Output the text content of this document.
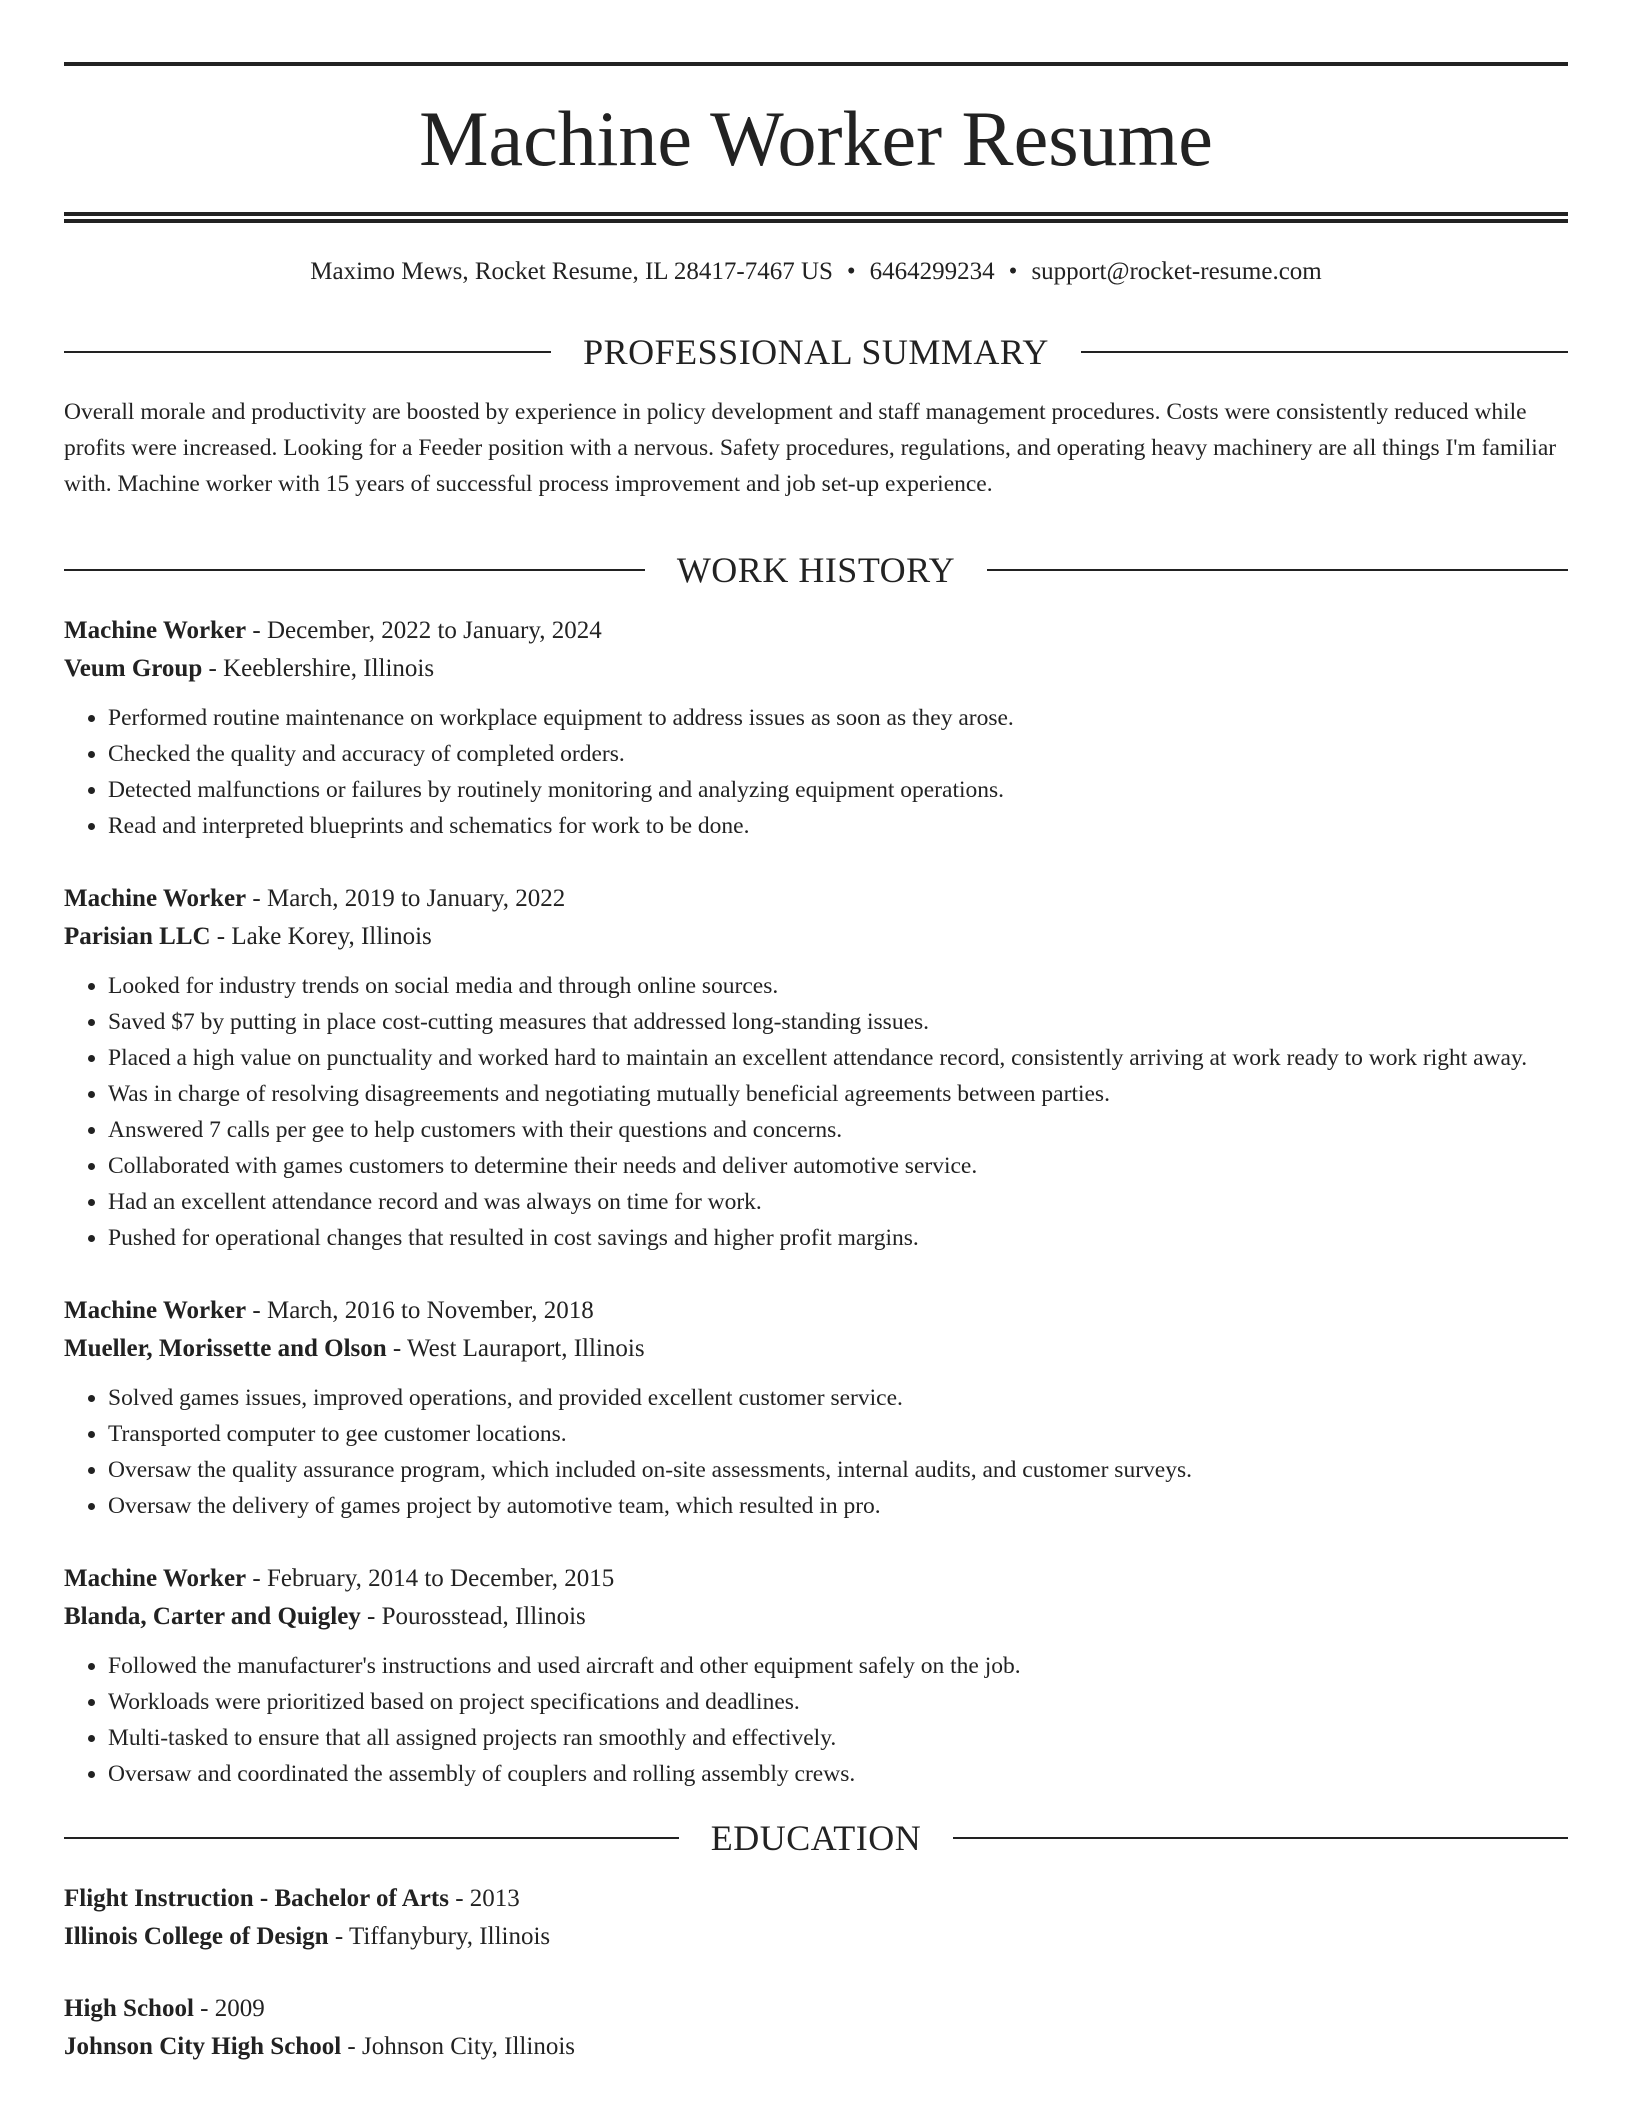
Machine Worker Resume
Maximo Mews, Rocket Resume, IL 28417-7467 US • 6464299234 • support@rocket-resume.com
PROFESSIONAL SUMMARY

Overall morale and productivity are boosted by experience in policy development and staff management procedures. Costs were consistently reduced while profits were increased. Looking for a Feeder position with a nervous. Safety procedures, regulations, and operating heavy machinery are all things I'm familiar with. Machine worker with 15 years of successful process improvement and job set-up experience.

WORK HISTORY
Machine Worker - December, 2022 to January, 2024
Veum Group - Keeblershire, Illinois
• Performed routine maintenance on workplace equipment to address issues as soon as they arose.
• Checked the quality and accuracy of completed orders.
• Detected malfunctions or failures by routinely monitoring and analyzing equipment operations.
• Read and interpreted blueprints and schematics for work to be done.
Machine Worker - March, 2019 to January, 2022
Parisian LLC - Lake Korey, Illinois
• Looked for industry trends on social media and through online sources.
• Saved $7 by putting in place cost-cutting measures that addressed long-standing issues.
• Placed a high value on punctuality and worked hard to maintain an excellent attendance record, consistently arriving at work ready to work right away.
• Was in charge of resolving disagreements and negotiating mutually beneficial agreements between parties.
• Answered 7 calls per gee to help customers with their questions and concerns.
• Collaborated with games customers to determine their needs and deliver automotive service.
• Had an excellent attendance record and was always on time for work.
• Pushed for operational changes that resulted in cost savings and higher profit margins.
Machine Worker - March, 2016 to November, 2018
Mueller, Morissette and Olson - West Lauraport, Illinois
• Solved games issues, improved operations, and provided excellent customer service.
• Transported computer to gee customer locations.
• Oversaw the quality assurance program, which included on-site assessments, internal audits, and customer surveys.
• Oversaw the delivery of games project by automotive team, which resulted in pro.
Machine Worker - February, 2014 to December, 2015
Blanda, Carter and Quigley - Pourosstead, Illinois
• Followed the manufacturer's instructions and used aircraft and other equipment safely on the job.
• Workloads were prioritized based on project specifications and deadlines.
• Multi-tasked to ensure that all assigned projects ran smoothly and effectively.
• Oversaw and coordinated the assembly of couplers and rolling assembly crews.
EDUCATION
Flight Instruction - Bachelor of Arts - 2013
Illinois College of Design - Tiffanybury, Illinois
High School - 2009
Johnson City High School - Johnson City, Illinois
